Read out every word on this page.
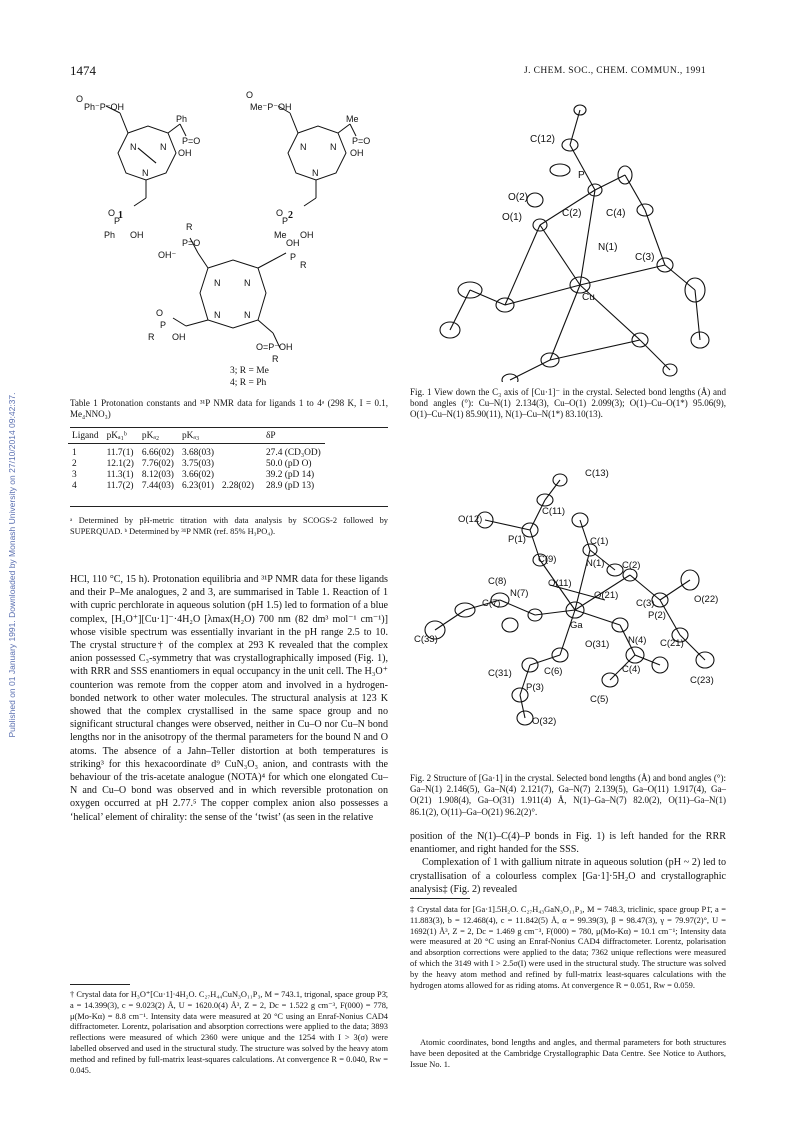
1474	J. CHEM. SOC., CHEM. COMMUN., 1991
Published on 01 January 1991. Downloaded by Monash University on 27/10/2014 09:42:37.
O
Ph⁻P⁻OH
Ph
P=O
OH
N	N
N
O
P
Ph OH
O
Me⁻P⁻OH
Me
P=O
OH
N	N
N
O
P
Me OH
R
P=O
OH⁻
OH
P
R
N	N
N	N
O
P
R OH
O=P⁻OH
R
1	2
3; R = Me
4; R = Ph
Table 1 Protonation constants and ³¹P NMR data for ligands 1 to 4ᵃ (298 K, I = 0.1, Me₄NNO₃)
Ligand	pKₐ₁ᵇ	pKₐ₂	pKₐ₃		δP

1	11.7(1)	6.66(02)	3.68(03)		27.4 (CD₃OD)
2	12.1(2)	7.76(02)	3.75(03)		50.0 (pD O)
3	11.3(1)	8.12(03)	3.66(02)		39.2 (pD 14)
4	11.7(2)	7.44(03)	6.23(01)	2.28(02)	28.9 (pD 13)
ᵃ Determined by pH-metric titration with data analysis by SCOGS-2 followed by SUPERQUAD. ᵇ Determined by ³¹P NMR (ref. 85% H₃PO₄).

HCl, 110 °C, 15 h). Protonation equilibria and ³¹P NMR data for these ligands and their P–Me analogues, 2 and 3, are summarised in Table 1. Reaction of 1 with cupric perchlorate in aqueous solution (pH 1.5) led to formation of a blue complex, [H₃O⁺][Cu·1]⁻·4H₂O [λmax(H₂O) 700 nm (82 dm³ mol⁻¹ cm⁻¹)] whose visible spectrum was essentially invariant in the pH range 2.5 to 10. The crystal structure† of the complex at 293 K revealed that the complex anion possessed C₃-symmetry that was crystallographically imposed (Fig. 1), with RRR and SSS enantiomers in equal occupancy in the unit cell. The H₃O⁺ counterion was remote from the copper atom and involved in a hydrogen-bonded network to other water molecules. The structural analysis at 123 K showed that the complex crystallised in the same space group and no significant structural changes were observed, neither in Cu–O nor Cu–N bond lengths nor in the anisotropy of the thermal parameters for the bound N and O atoms. The absence of a Jahn–Teller distortion at both temperatures is striking³ for this hexacoordinate d⁹ CuN₃O₃ anion, and contrasts with the behaviour of the tris-acetate analogue (NOTA)⁴ for which one elongated Cu–N and Cu–O bond was observed and in which reversible protonation on oxygen occurred at pH 2.77.⁵ The copper complex anion also possesses a ‘helical’ element of chirality: the sense of the ‘twist’ (as seen in the relative

† Crystal data for H₃O⁺[Cu·1]·4H₂O. C₂₇H₄₄CuN₃O₁₁P₃, M = 743.1, trigonal, space group P3̄, a = 14.399(3), c = 9.023(2) Å, U = 1620.0(4) Å³, Z = 2, Dc = 1.522 g cm⁻³, F(000) = 778, μ(Mo-Kα) = 8.8 cm⁻¹. Intensity data were measured at 20 °C using an Enraf-Nonius CAD4 diffractometer. Lorentz, polarisation and absorption corrections were applied to the data; 3893 reflections were measured of which 2360 were unique and the 1254 with I > 3(σ) were labelled observed and used in the structural study. The structure was solved by the heavy atom method and refined by full-matrix least-squares calculations. At convergence R = 0.040, Rw = 0.045.
C(12)
O(2)
P
C(2) C(4)
O(1)
N(1)
C(3)
Cu
Fig. 1 View down the C₃ axis of [Cu·1]⁻ in the crystal. Selected bond lengths (Å) and bond angles (°): Cu–N(1) 2.134(3), Cu–O(1) 2.099(3); O(1)–Cu–O(1*) 95.06(9), O(1)–Cu–N(1) 85.90(11), N(1)–Cu–N(1*) 83.10(13).
C(13)
O(12)
C(11)
P(1)	C(1)
C(9)	N(1) C(2)
C(8)	O(11)
O(21)
N(7)
C(7)	C(3)	O(22)
Ga
P(2)
O(31) N(4) C(21)
C(33)
C(6)
C(31)	C(4)
C(23)
P(3)
C(5)
O(32)
Fig. 2 Structure of [Ga·1] in the crystal. Selected bond lengths (Å) and bond angles (°): Ga–N(1) 2.146(5), Ga–N(4) 2.121(7), Ga–N(7) 2.139(5), Ga–O(11) 1.917(4), Ga–O(21) 1.908(4), Ga–O(31) 1.911(4) Å, N(1)–Ga–N(7) 82.0(2), O(11)–Ga–N(1) 86.1(2), O(11)–Ga–O(21) 96.2(2)°.

position of the N(1)–C(4)–P bonds in Fig. 1) is left handed for the RRR enantiomer, and right handed for the SSS.

Complexation of 1 with gallium nitrate in aqueous solution (pH ~ 2) led to crystallisation of a colourless complex [Ga·1]·5H₂O and crystallographic analysis‡ (Fig. 2) revealed

‡ Crystal data for [Ga·1].5H₂O. C₂₇H₄₃GaN₃O₁₁P₃, M = 748.3, triclinic, space group P1̄, a = 11.883(3), b = 12.468(4), c = 11.842(5) Å, α = 99.39(3), β = 98.47(3), γ = 79.97(2)°, U = 1692(1) Å³, Z = 2, Dc = 1.469 g cm⁻³, F(000) = 780, μ(Mo-Kα) = 10.1 cm⁻¹; Intensity data were measured at 20 °C using an Enraf-Nonius CAD4 diffractometer. Lorentz, polarisation and absorption corrections were applied to the data; 7362 unique reflections were measured of which the 3149 with I > 2.5σ(I) were used in the structural study. The structure was solved by the heavy atom method and refined by full-matrix least-squares calculations with the hydrogen atoms allowed for as riding atoms. At convergence R = 0.051, Rw = 0.059.
Atomic coordinates, bond lengths and angles, and thermal parameters for both structures have been deposited at the Cambridge Crystallographic Data Centre. See Notice to Authors, Issue No. 1.
